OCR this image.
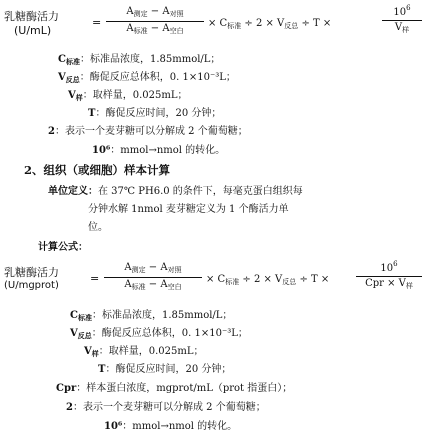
乳糖酶活力
(U/mL)
=
$A_{测定} - A_{对照}$
$A_{标准} - A_{空白}$
× $C_{标准} \div 2 \times V_{反总} \div T$ ×
$10^6$
$V_样$
$C_{标准}$：标准品浓度，1.85mmol/L；
$V_{反总}$：酶促反应总体积，0. 1×10⁻³L；
$V_样$：取样量，0.025mL；
T：酶促反应时间，20 分钟；
2：表示一个麦芽糖可以分解成 2 个葡萄糖；
10⁶：mmol→nmol 的转化。
2、组织（或细胞）样本计算
单位定义：在 37℃ PH6.0 的条件下，每毫克蛋白组织每
分钟水解 1nmol 麦芽糖定义为 1 个酶活力单
位。
计算公式：
乳糖酶活力
(U/mgprot)
=
$A_{测定} - A_{对照}$
$A_{标准} - A_{空白}$
× $C_{标准} \div 2 \times V_{反总} \div T$ ×
$10^6$
Cpr × $V_样$
$C_{标准}$：标准品浓度，1.85mmol/L；
$V_{反总}$：酶促反应总体积，0. 1×10⁻³L；
$V_样$：取样量，0.025mL；
T：酶促反应时间，20 分钟；
Cpr：样本蛋白浓度，mgprot/mL（prot 指蛋白）；
2：表示一个麦芽糖可以分解成 2 个葡萄糖；
10⁶：mmol→nmol 的转化。
